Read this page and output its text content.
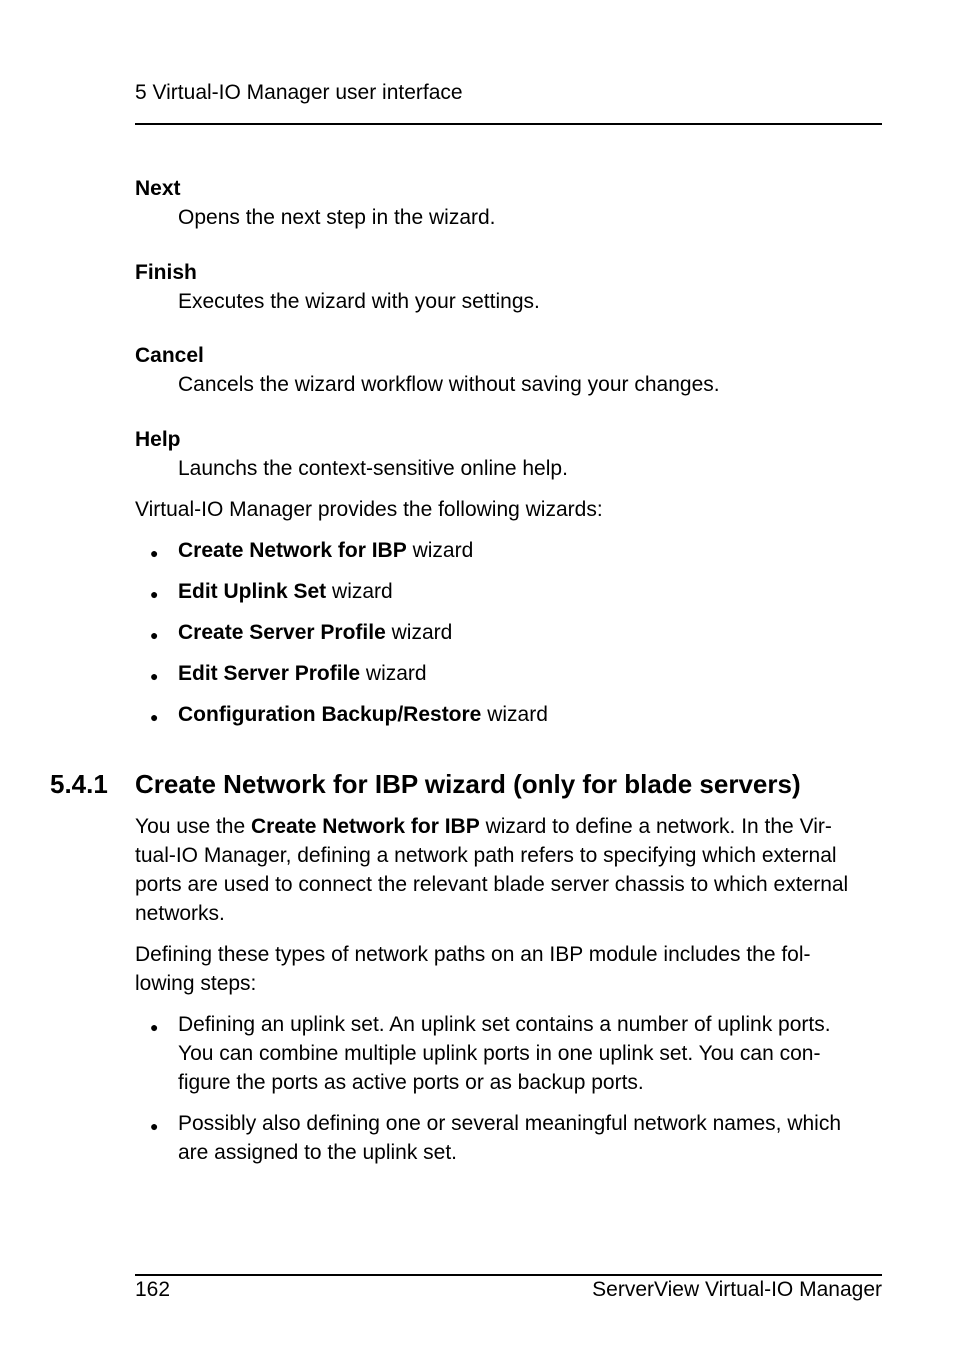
5 Virtual-IO Manager user interface
Next
Opens the next step in the wizard.
Finish
Executes the wizard with your settings.
Cancel
Cancels the wizard workflow without saving your changes.
Help
Launchs the context-sensitive online help.
Virtual-IO Manager provides the following wizards:
● Create Network for IBP wizard
● Edit Uplink Set wizard
● Create Server Profile wizard
● Edit Server Profile wizard
● Configuration Backup/Restore wizard
5.4.1 Create Network for IBP wizard (only for blade servers)
You use the Create Network for IBP wizard to define a network. In the Vir-
tual-IO Manager, defining a network path refers to specifying which external
ports are used to connect the relevant blade server chassis to which external
networks.
Defining these types of network paths on an IBP module includes the fol-
lowing steps:
● Defining an uplink set. An uplink set contains a number of uplink ports.
You can combine multiple uplink ports in one uplink set. You can con-
figure the ports as active ports or as backup ports.
● Possibly also defining one or several meaningful network names, which
are assigned to the uplink set.
162	ServerView Virtual-IO Manager
